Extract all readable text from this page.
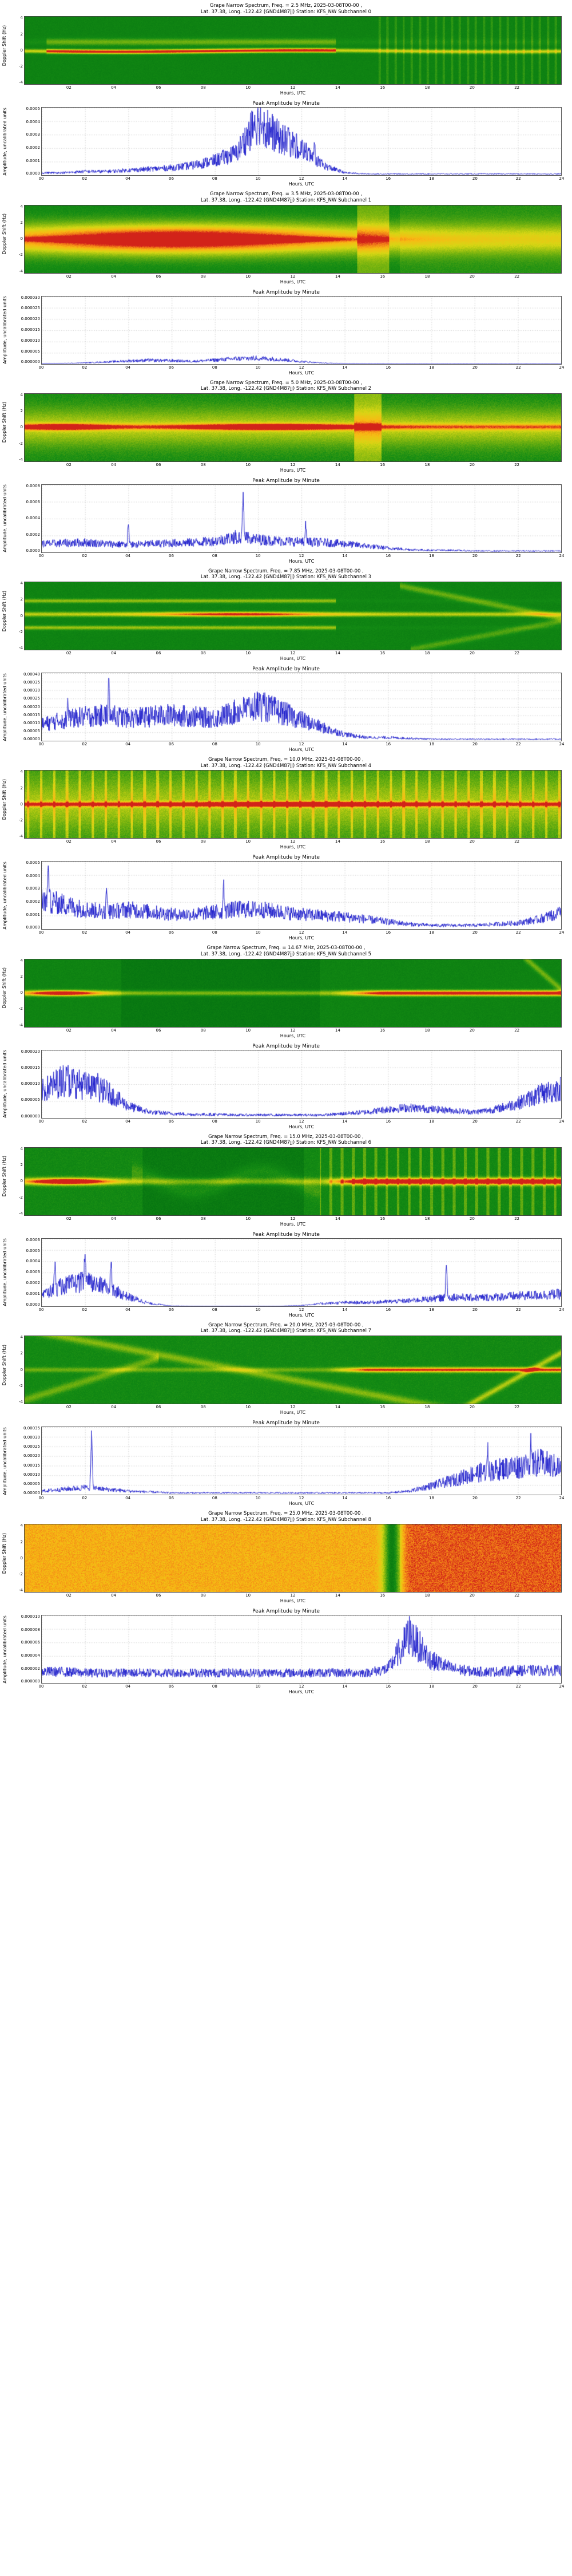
Grape Narrow Spectrum, Freq. = 2.5 MHz, 2025-03-08T00-00 ,
Lat. 37.38, Long. -122.42 (GND4M87jj) Station: KFS_NW Subchannel 0
Doppler Shift (Hz)
4
2
0
-2
-4
02	04	06	08	10	12	14	16	18	20	22
Hours, UTC
Peak Amplitude by Minute
Amplitude, uncalibrated units	0.0005
0.0004
0.0003
0.0002
0.0001
0.0000
00	02	04	06	08	10	12	14	16	18	20	22	24
Hours, UTC
Grape Narrow Spectrum, Freq. = 3.5 MHz, 2025-03-08T00-00 ,
Lat. 37.38, Long. -122.42 (GND4M87jj) Station: KFS_NW Subchannel 1
Doppler Shift (Hz)
4
2
0
-2
-4
02	04	06	08	10	12	14	16	18	20	22
Hours, UTC
Peak Amplitude by Minute
Amplitude, uncalibrated units	0.000030
0.000025
0.000020
0.000015
0.000010
0.000005
0.000000
00	02	04	06	08	10	12	14	16	18	20	22	24
Hours, UTC
Grape Narrow Spectrum, Freq. = 5.0 MHz, 2025-03-08T00-00 ,
Lat. 37.38, Long. -122.42 (GND4M87jj) Station: KFS_NW Subchannel 2
Doppler Shift (Hz)
4
2
0
-2
-4
02	04	06	08	10	12	14	16	18	20	22
Hours, UTC
Peak Amplitude by Minute
Amplitude, uncalibrated units	0.0008
0.0006
0.0004
0.0002
0.0000
00	02	04	06	08	10	12	14	16	18	20	22	24
Hours, UTC
Grape Narrow Spectrum, Freq. = 7.85 MHz, 2025-03-08T00-00 ,
Lat. 37.38, Long. -122.42 (GND4M87jj) Station: KFS_NW Subchannel 3
Doppler Shift (Hz)
4
2
0
-2
-4
02	04	06	08	10	12	14	16	18	20	22
Hours, UTC
Peak Amplitude by Minute
Amplitude, uncalibrated units	0.00040
0.00035
0.00030
0.00025
0.00020
0.00015
0.00010
0.00005
0.00000
00	02	04	06	08	10	12	14	16	18	20	22	24
Hours, UTC
Grape Narrow Spectrum, Freq. = 10.0 MHz, 2025-03-08T00-00 ,
Lat. 37.38, Long. -122.42 (GND4M87jj) Station: KFS_NW Subchannel 4
Doppler Shift (Hz)
4
2
0
-2
-4
02	04	06	08	10	12	14	16	18	20	22
Hours, UTC
Peak Amplitude by Minute
Amplitude, uncalibrated units	0.0005
0.0004
0.0003
0.0002
0.0001
0.0000
00	02	04	06	08	10	12	14	16	18	20	22	24
Hours, UTC
Grape Narrow Spectrum, Freq. = 14.67 MHz, 2025-03-08T00-00 ,
Lat. 37.38, Long. -122.42 (GND4M87jj) Station: KFS_NW Subchannel 5
Doppler Shift (Hz)
4
2
0
-2
-4
02	04	06	08	10	12	14	16	18	20	22
Hours, UTC
Peak Amplitude by Minute
Amplitude, uncalibrated units	0.000020
0.000015
0.000010
0.000005
0.000000
00	02	04	06	08	10	12	14	16	18	20	22	24
Hours, UTC
Grape Narrow Spectrum, Freq. = 15.0 MHz, 2025-03-08T00-00 ,
Lat. 37.38, Long. -122.42 (GND4M87jj) Station: KFS_NW Subchannel 6
Doppler Shift (Hz)
4
2
0
-2
-4
02	04	06	08	10	12	14	16	18	20	22
Hours, UTC
Peak Amplitude by Minute
Amplitude, uncalibrated units	0.0006
0.0005
0.0004
0.0003
0.0002
0.0001
0.0000
00	02	04	06	08	10	12	14	16	18	20	22	24
Hours, UTC
Grape Narrow Spectrum, Freq. = 20.0 MHz, 2025-03-08T00-00 ,
Lat. 37.38, Long. -122.42 (GND4M87jj) Station: KFS_NW Subchannel 7
Doppler Shift (Hz)
4
2
0
-2
-4
02	04	06	08	10	12	14	16	18	20	22
Hours, UTC
Peak Amplitude by Minute
Amplitude, uncalibrated units	0.00035
0.00030
0.00025
0.00020
0.00015
0.00010
0.00005
0.00000
00	02	04	06	08	10	12	14	16	18	20	22	24
Hours, UTC
Grape Narrow Spectrum, Freq. = 25.0 MHz, 2025-03-08T00-00 ,
Lat. 37.38, Long. -122.42 (GND4M87jj) Station: KFS_NW Subchannel 8
Doppler Shift (Hz)
4
2
0
-2
-4
02	04	06	08	10	12	14	16	18	20	22
Hours, UTC
Peak Amplitude by Minute
Amplitude, uncalibrated units	0.000010
0.000008
0.000006
0.000004
0.000002
0.000000
00	02	04	06	08	10	12	14	16	18	20	22	24
Hours, UTC
